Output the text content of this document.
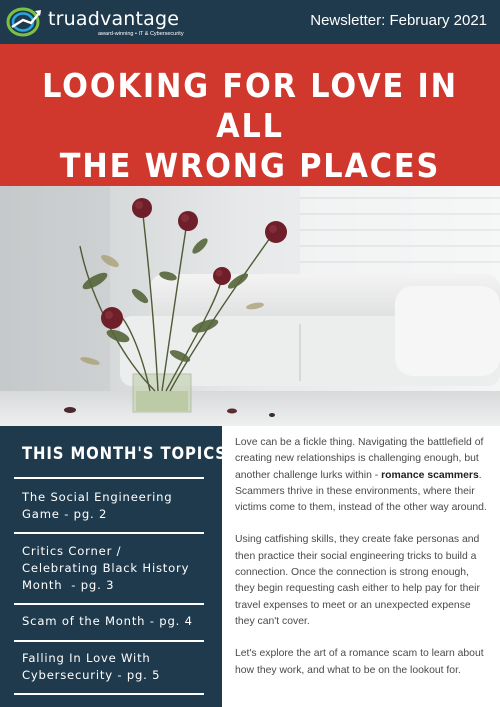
truadvantage
award-winning • IT & Cybersecurity
Newsletter: February 2021
LOOKING FOR LOVE IN ALL
THE WRONG PLACES

THIS MONTH'S TOPICS:
The Social Engineering
Game - pg. 2
Critics Corner /
Celebrating Black History
Month  - pg. 3
Scam of the Month - pg. 4
Falling In Love With
Cybersecurity - pg. 5

Love can be a fickle thing. Navigating the battlefield of creating new relationships is challenging enough, but another challenge lurks within - romance scammers. Scammers thrive in these environments, where their victims come to them, instead of the other way around.

Using catfishing skills, they create fake personas and then practice their social engineering tricks to build a connection. Once the connection is strong enough, they begin requesting cash either to help pay for their travel expenses to meet or an unexpected expense they can't cover.

Let's explore the art of a romance scam to learn about how they work, and what to be on the lookout for.
